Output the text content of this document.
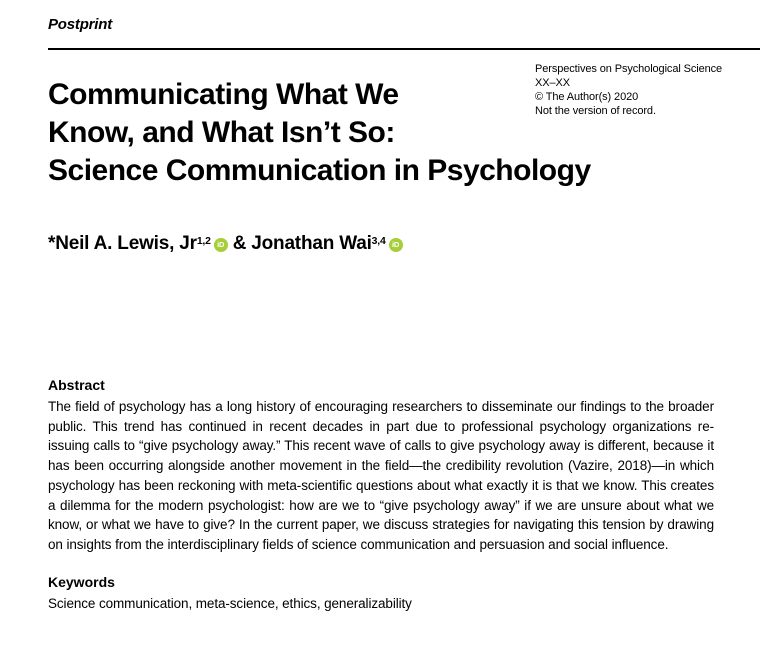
Postprint
Perspectives on Psychological Science
XX–XX
© The Author(s) 2020
Not the version of record.
Communicating What We
Know, and What Isn’t So:
Science Communication in Psychology
*Neil A. Lewis, Jr$^{1,2}$ iD & Jonathan Wai$^{3,4}$ iD
Abstract

The field of psychology has a long history of encouraging researchers to disseminate our findings to the broader public. This trend has continued in recent decades in part due to professional psychology organizations re-issuing calls to “give psychology away.” This recent wave of calls to give psychology away is different, because it has been occurring alongside another movement in the field—the credibility revolution (Vazire, 2018)—in which psychology has been reckoning with meta-scientific questions about what exactly it is that we know. This creates a dilemma for the modern psychologist: how are we to “give psychology away” if we are unsure about what we know, or what we have to give? In the current paper, we discuss strategies for navigating this tension by drawing on insights from the interdisciplinary fields of science communication and persuasion and social influence.

Keywords

Science communication, meta-science, ethics, generalizability
